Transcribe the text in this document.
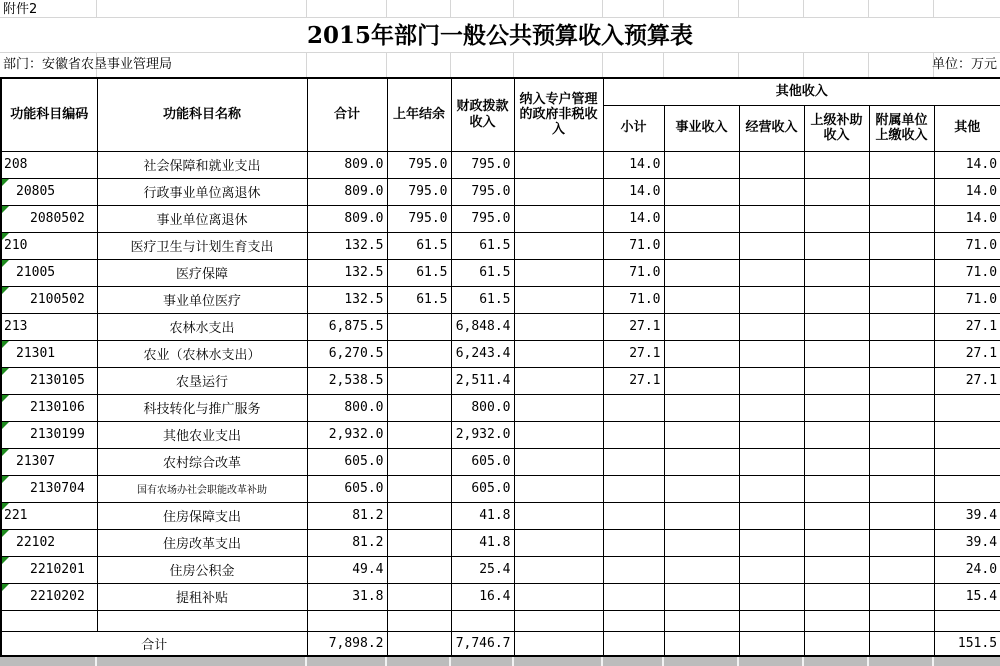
附件2
2015年部门一般公共预算收入预算表
部门：安徽省农垦事业管理局	单位：万元
功能科目编码	功能科目名称	合计	上年结余	财政拨款收入	纳入专户管理的政府非税收入	其他收入					
						小计	事业收入	经营收入	上级补助收入	附属单位上缴收入	其他
208	社会保障和就业支出	809.0	795.0	795.0		14.0					14.0

20805	行政事业单位离退休	809.0	795.0	795.0		14.0					14.0

2080502	事业单位离退休	809.0	795.0	795.0		14.0					14.0

210	医疗卫生与计划生育支出	132.5	61.5	61.5		71.0					71.0

21005	医疗保障	132.5	61.5	61.5		71.0					71.0

2100502	事业单位医疗	132.5	61.5	61.5		71.0					71.0
213	农林水支出	6,875.5		6,848.4		27.1					27.1

21301	农业（农林水支出）	6,270.5		6,243.4		27.1					27.1

2130105	农垦运行	2,538.5		2,511.4		27.1					27.1

2130106	科技转化与推广服务	800.0		800.0							

2130199	其他农业支出	2,932.0		2,932.0							

21307	农村综合改革	605.0		605.0							

2130704	国有农场办社会职能改革补助	605.0		605.0							

221	住房保障支出	81.2		41.8							39.4

22102	住房改革支出	81.2		41.8							39.4

2210201	住房公积金	49.4		25.4							24.0

2210202	提租补贴	31.8		16.4							15.4

合计		7,898.2		7,746.7							151.5
